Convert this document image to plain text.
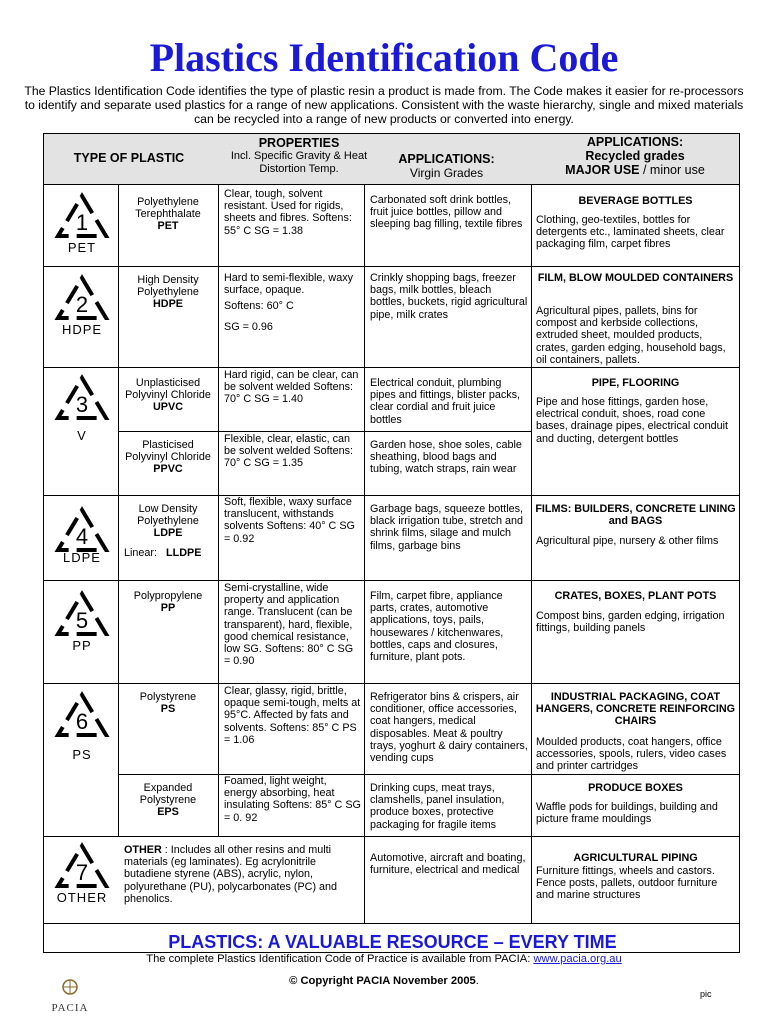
Plastics Identification Code
The Plastics Identification Code identifies the type of plastic resin a product is made from. The Code makes it easier for re-processors to identify and separate used plastics for a range of new applications. Consistent with the waste hierarchy, single and mixed materials can be recycled into a range of new products or converted into energy.
TYPE OF PLASTIC
PROPERTIES
Incl. Specific Gravity & Heat Distortion Temp.
APPLICATIONS:
Virgin Grades
APPLICATIONS:
Recycled grades
MAJOR USE / minor use
1
PET
2
HDPE
3
V
4
LDPE
5
PP
6
PS
7
OTHER
Polyethylene Terephthalate
PET
Clear, tough, solvent resistant. Used for rigids, sheets and fibres. Softens: 55° C SG = 1.38
Carbonated soft drink bottles, fruit juice bottles, pillow and sleeping bag filling, textile fibres
BEVERAGE BOTTLES
Clothing, geo-textiles, bottles for detergents etc., laminated sheets, clear packaging film, carpet fibres
High Density Polyethylene
HDPE
Hard to semi-flexible, waxy surface, opaque.
Softens: 60° C
SG = 0.96
Crinkly shopping bags, freezer bags, milk bottles, bleach bottles, buckets, rigid agricultural pipe, milk crates
FILM, BLOW MOULDED CONTAINERS
Agricultural pipes, pallets, bins for compost and kerbside collections, extruded sheet, moulded products, crates, garden edging, household bags, oil containers, pallets.
Unplasticised Polyvinyl Chloride
UPVC
Hard rigid, can be clear, can be solvent welded Softens: 70° C SG = 1.40
Electrical conduit, plumbing pipes and fittings, blister packs, clear cordial and fruit juice bottles
Plasticised Polyvinyl Chloride
PPVC
Flexible, clear, elastic, can be solvent welded Softens: 70° C SG = 1.35
Garden hose, shoe soles, cable sheathing, blood bags and tubing, watch straps, rain wear
PIPE, FLOORING
Pipe and hose fittings, garden hose, electrical conduit, shoes, road cone bases, drainage pipes, electrical conduit and ducting, detergent bottles
Low Density Polyethylene
LDPE
Linear: LLDPE
Soft, flexible, waxy surface translucent, withstands solvents Softens: 40° C SG = 0.92
Garbage bags, squeeze bottles, black irrigation tube, stretch and shrink films, silage and mulch films, garbage bins
FILMS: BUILDERS, CONCRETE LINING and BAGS
Agricultural pipe, nursery & other films
Polypropylene
PP
Semi-crystalline, wide property and application range. Translucent (can be transparent), hard, flexible, good chemical resistance, low SG. Softens: 80° C SG = 0.90
Film, carpet fibre, appliance parts, crates, automotive applications, toys, pails, housewares / kitchenwares, bottles, caps and closures, furniture, plant pots.
CRATES, BOXES, PLANT POTS
Compost bins, garden edging, irrigation fittings, building panels
Polystyrene
PS
Clear, glassy, rigid, brittle, opaque semi-tough, melts at 95°C. Affected by fats and solvents. Softens: 85° C PS = 1.06
Refrigerator bins & crispers, air conditioner, office accessories, coat hangers, medical disposables. Meat & poultry trays, yoghurt & dairy containers, vending cups
INDUSTRIAL PACKAGING, COAT HANGERS, CONCRETE REINFORCING CHAIRS
Moulded products, coat hangers, office accessories, spools, rulers, video cases and printer cartridges
Expanded Polystyrene
EPS
Foamed, light weight, energy absorbing, heat insulating Softens: 85° C SG = 0. 92
Drinking cups, meat trays, clamshells, panel insulation, produce boxes, protective packaging for fragile items
PRODUCE BOXES
Waffle pods for buildings, building and picture frame mouldings
OTHER : Includes all other resins and multi materials (eg laminates). Eg acrylonitrile butadiene styrene (ABS), acrylic, nylon, polyurethane (PU), polycarbonates (PC) and phenolics.
Automotive, aircraft and boating, furniture, electrical and medical
AGRICULTURAL PIPING
Furniture fittings, wheels and castors. Fence posts, pallets, outdoor furniture and marine structures
PLASTICS: A VALUABLE RESOURCE – EVERY TIME
The complete Plastics Identification Code of Practice is available from PACIA: www.pacia.org.au
© Copyright PACIA November 2005.
PACIA
pic
